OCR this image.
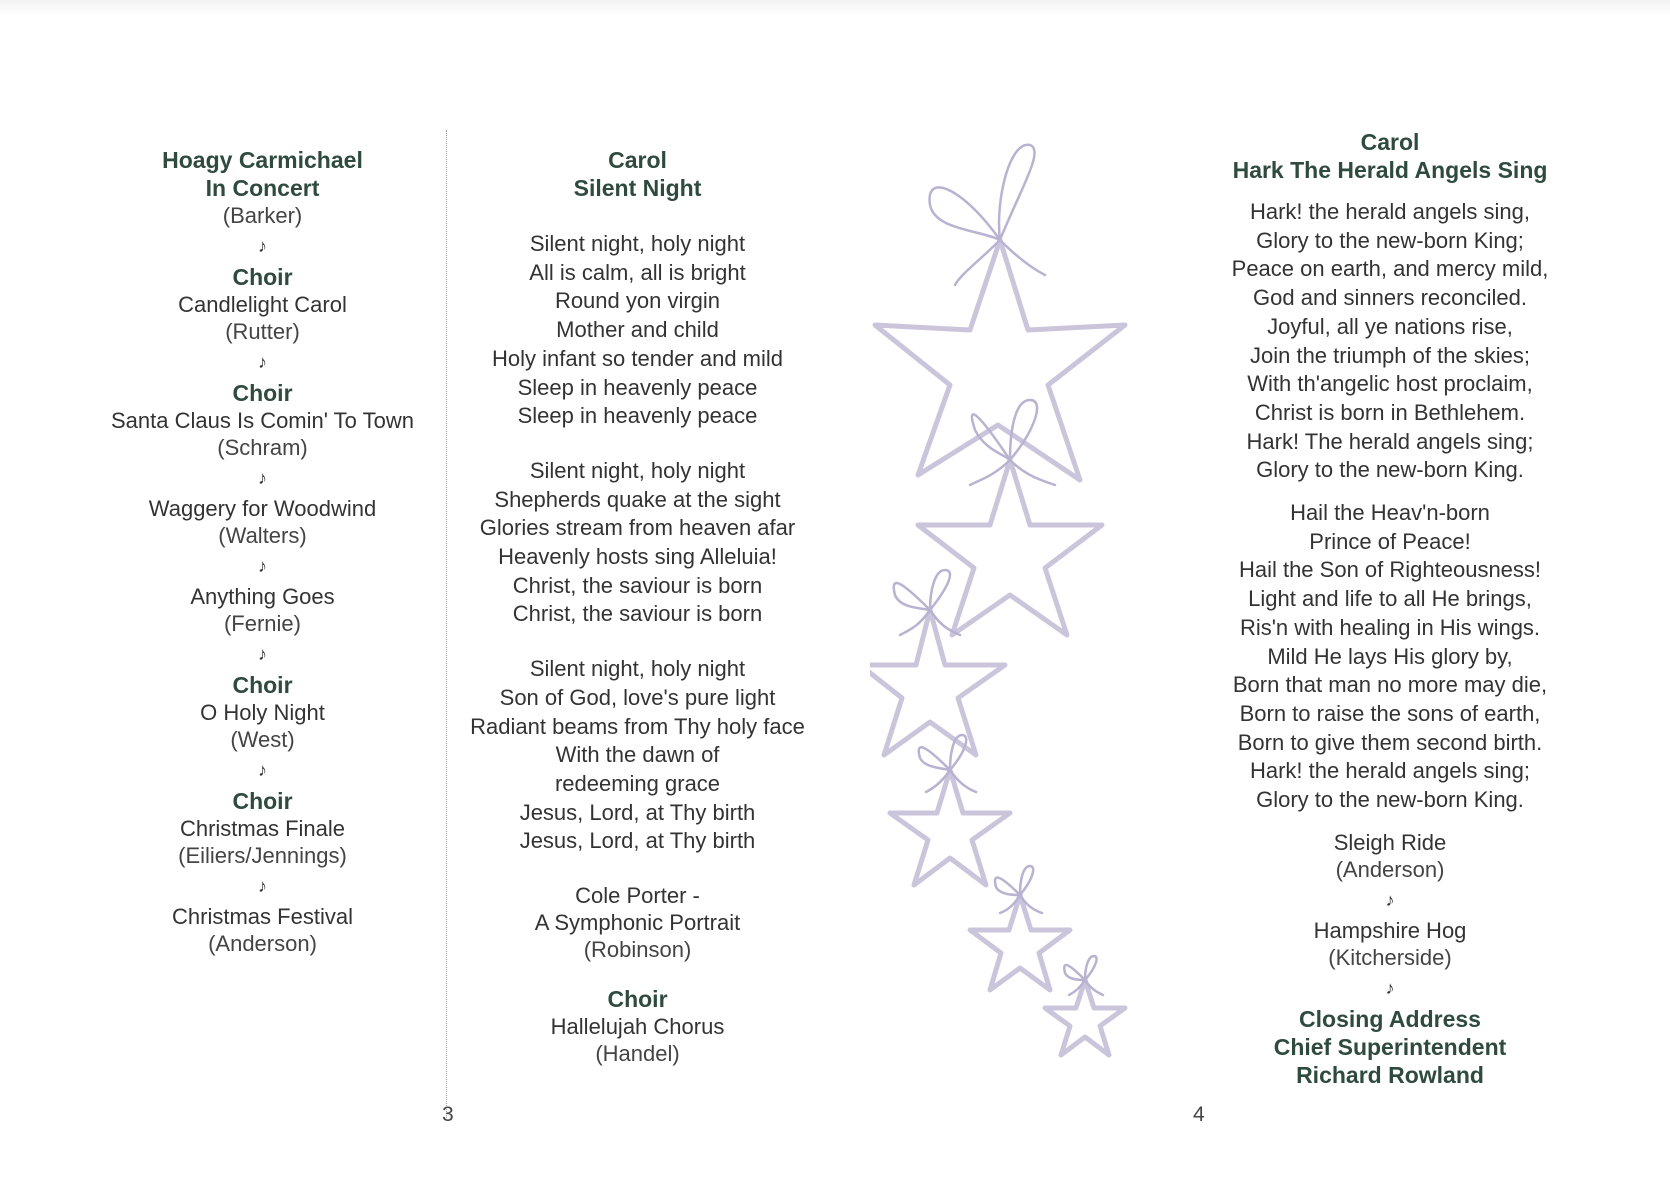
Hoagy Carmichael
In Concert
(Barker)
♪
Choir
Candlelight Carol
(Rutter)
♪
Choir
Santa Claus Is Comin' To Town
(Schram)
♪
Waggery for Woodwind
(Walters)
♪
Anything Goes
(Fernie)
♪
Choir
O Holy Night
(West)
♪
Choir
Christmas Finale
(Eiliers/Jennings)
♪
Christmas Festival
(Anderson)
Carol
Silent Night
Silent night, holy night
All is calm, all is bright
Round yon virgin
Mother and child
Holy infant so tender and mild
Sleep in heavenly peace
Sleep in heavenly peace
Silent night, holy night
Shepherds quake at the sight
Glories stream from heaven afar
Heavenly hosts sing Alleluia!
Christ, the saviour is born
Christ, the saviour is born
Silent night, holy night
Son of God, love's pure light
Radiant beams from Thy holy face
With the dawn of
redeeming grace
Jesus, Lord, at Thy birth
Jesus, Lord, at Thy birth
Cole Porter -
A Symphonic Portrait
(Robinson)
Choir
Hallelujah Chorus
(Handel)
3
Carol
Hark The Herald Angels Sing
Hark! the herald angels sing,
Glory to the new-born King;
Peace on earth, and mercy mild,
God and sinners reconciled.
Joyful, all ye nations rise,
Join the triumph of the skies;
With th'angelic host proclaim,
Christ is born in Bethlehem.
Hark! The herald angels sing;
Glory to the new-born King.
Hail the Heav'n-born
Prince of Peace!
Hail the Son of Righteousness!
Light and life to all He brings,
Ris'n with healing in His wings.
Mild He lays His glory by,
Born that man no more may die,
Born to raise the sons of earth,
Born to give them second birth.
Hark! the herald angels sing;
Glory to the new-born King.
Sleigh Ride
(Anderson)
♪
Hampshire Hog
(Kitcherside)
♪
Closing Address
Chief Superintendent
Richard Rowland
4
